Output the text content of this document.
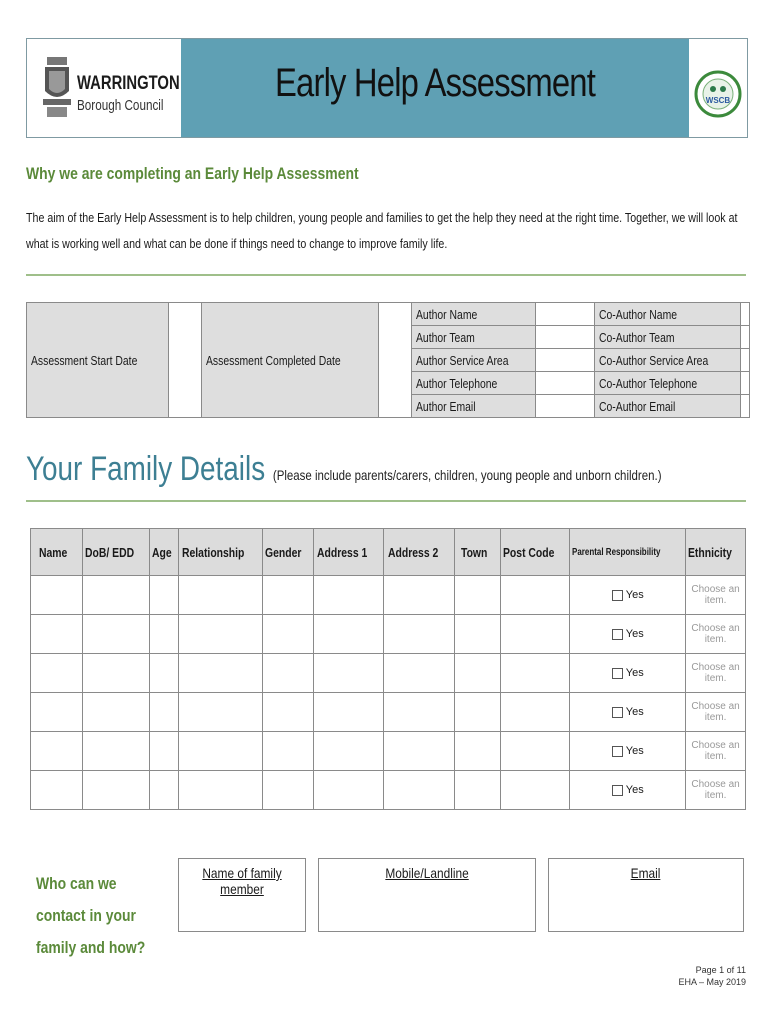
WARRINGTON
Borough Council
Early Help Assessment	WSCB
Why we are completing an Early Help Assessment
The aim of the Early Help Assessment is to help children, young people and families to get the help they need at the right time. Together, we will look at what is working well and what can be done if things need to change to improve family life.
Assessment Start Date		Assessment Completed Date		Author Name		Co-Author Name	
				Author Team		Co-Author Team	
				Author Service Area		Co-Author Service Area	
				Author Telephone		Co-Author Telephone	
				Author Email		Co-Author Email	
Your Family Details (Please include parents/carers, children, young people and unborn children.)
Name	DoB/ EDD	Age	Relationship	Gender	Address 1	Address 2	Town	Post Code	Parental Responsibility	Ethnicity
									Yes	Choose an item.
									Yes	Choose an item.
									Yes	Choose an item.
									Yes	Choose an item.
									Yes	Choose an item.
									Yes	Choose an item.
Who can we contact in your family and how?
Name of family member
Mobile/Landline	Email
Page 1 of 11
EHA – May 2019
